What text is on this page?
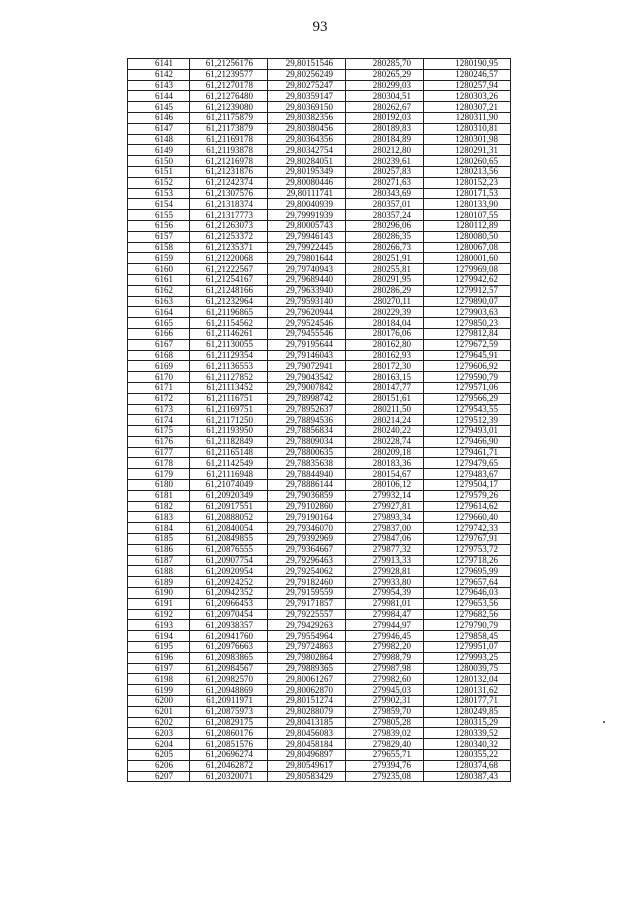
93
6141	61,21256176	29,80151546	280285,70	1280190,95
6142	61,21239577	29,80256249	280265,29	1280246,57
6143	61,21270178	29,80275247	280299,03	1280257,94
6144	61,21276480	29,80359147	280304,51	1280303,26
6145	61,21239080	29,80369150	280262,67	1280307,21
6146	61,21175879	29,80382356	280192,03	1280311,90
6147	61,21173879	29,80380456	280189,83	1280310,81
6148	61,21169178	29,80364356	280184,89	1280301,98
6149	61,21193878	29,80342754	280212,80	1280291,31
6150	61,21216978	29,80284051	280239,61	1280260,65
6151	61,21231876	29,80195349	280257,83	1280213,56
6152	61,21242374	29,80080446	280271,63	1280152,23
6153	61,21307576	29,80111741	280343,69	1280171,53
6154	61,21318374	29,80040939	280357,01	1280133,90
6155	61,21317773	29,79991939	280357,24	1280107,55
6156	61,21263073	29,80005743	280296,06	1280112,89
6157	61,21253372	29,79946143	280286,35	1280080,50
6158	61,21235371	29,79922445	280266,73	1280067,08
6159	61,21220068	29,79801644	280251,91	1280001,60
6160	61,21222567	29,79740943	280255,81	1279969,08
6161	61,21254167	29,79689440	280291,95	1279942,62
6162	61,21248166	29,79633940	280286,29	1279912,57
6163	61,21232964	29,79593140	280270,11	1279890,07
6164	61,21196865	29,79620944	280229,39	1279903,63
6165	61,21154562	29,79524546	280184,04	1279850,23
6166	61,21146261	29,79455546	280176,06	1279812,84
6167	61,21130055	29,79195644	280162,80	1279672,59
6168	61,21129354	29,79146043	280162,93	1279645,91
6169	61,21136553	29,79072941	280172,30	1279606,92
6170	61,21127852	29,79043542	280163,15	1279590,79
6171	61,21113452	29,79007842	280147,77	1279571,06
6172	61,21116751	29,78998742	280151,61	1279566,29
6173	61,21169751	29,78952637	280211,50	1279543,55
6174	61,21171250	29,78894536	280214,24	1279512,39
6175	61,21193950	29,78856834	280240,22	1279493,01
6176	61,21182849	29,78809034	280228,74	1279466,90
6177	61,21165148	29,78800635	280209,18	1279461,71
6178	61,21142549	29,78835638	280183,36	1279479,65
6179	61,21116948	29,78844940	280154,67	1279483,67
6180	61,21074049	29,78886144	280106,12	1279504,17
6181	61,20920349	29,79036859	279932,14	1279579,26
6182	61,20917551	29,79102860	279927,81	1279614,62
6183	61,20888052	29,79190164	279893,34	1279660,40
6184	61,20840054	29,79346070	279837,00	1279742,33
6185	61,20849855	29,79392969	279847,06	1279767,91
6186	61,20876555	29,79364667	279877,32	1279753,72
6187	61,20907754	29,79296463	279913,33	1279718,26
6188	61,20920954	29,79254062	279928,81	1279695,99
6189	61,20924252	29,79182460	279933,80	1279657,64
6190	61,20942352	29,79159559	279954,39	1279646,03
6191	61,20966453	29,79171857	279981,01	1279653,56
6192	61,20970454	29,79225557	279984,47	1279682,56
6193	61,20938357	29,79429263	279944,97	1279790,79
6194	61,20941760	29,79554964	279946,45	1279858,45
6195	61,20976663	29,79724863	279982,20	1279951,07
6196	61,20983865	29,79802864	279988,79	1279993,25
6197	61,20984567	29,79889365	279987,98	1280039,75
6198	61,20982570	29,80061267	279982,60	1280132,04
6199	61,20948869	29,80062870	279945,03	1280131,62
6200	61,20911971	29,80151274	279902,31	1280177,71
6201	61,20875973	29,80288079	279859,70	1280249,85
6202	61,20829175	29,80413185	279805,28	1280315,29
6203	61,20860176	29,80456083	279839,02	1280339,52
6204	61,20851576	29,80458184	279829,40	1280340,32
6205	61,20696274	29,80496897	279655,71	1280355,22
6206	61,20462872	29,80549617	279394,76	1280374,68
6207	61,20320071	29,80583429	279235,08	1280387,43
